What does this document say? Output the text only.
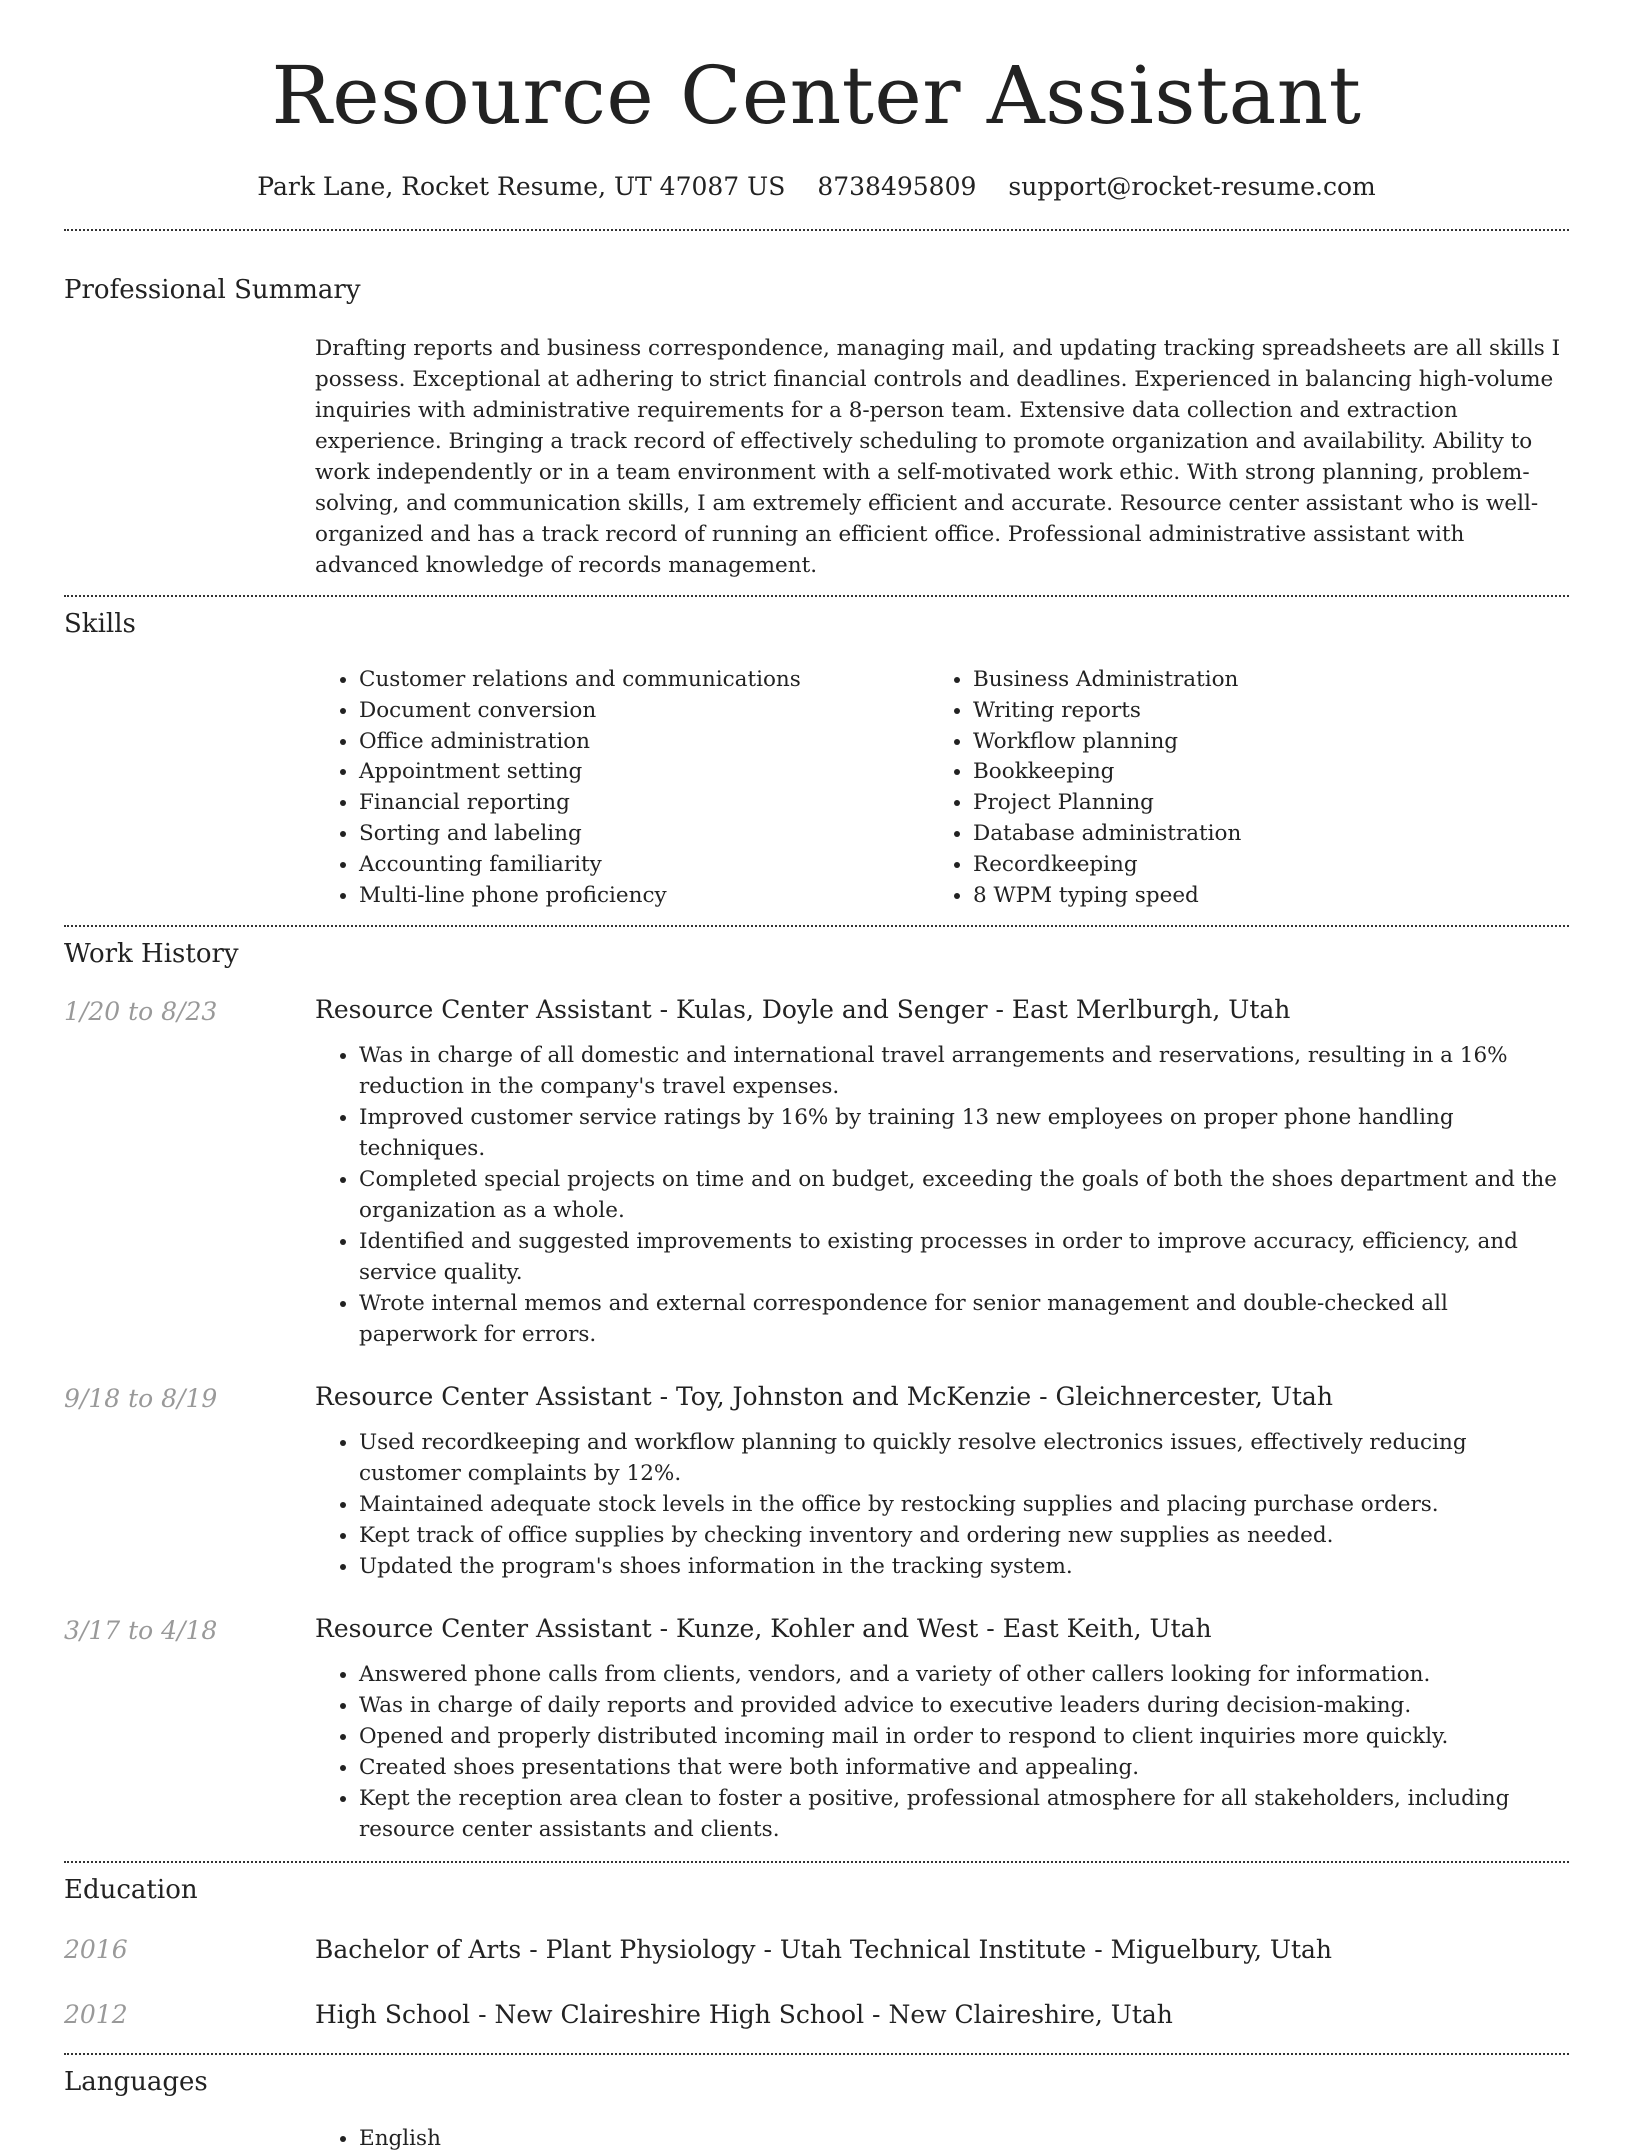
Resource Center Assistant
Park Lane, Rocket Resume, UT 47087 US 8738495809 support@rocket-resume.com
Professional Summary

Drafting reports and business correspondence, managing mail, and updating tracking spreadsheets are all skills I possess. Exceptional at adhering to strict financial controls and deadlines. Experienced in balancing high-volume inquiries with administrative requirements for a 8-person team. Extensive data collection and extraction experience. Bringing a track record of effectively scheduling to promote organization and availability. Ability to work independently or in a team environment with a self-motivated work ethic. With strong planning, problem-solving, and communication skills, I am extremely efficient and accurate. Resource center assistant who is well-organized and has a track record of running an efficient office. Professional administrative assistant with advanced knowledge of records management.

Skills
• Customer relations and communications
• Document conversion
• Office administration
• Appointment setting
• Financial reporting
• Sorting and labeling
• Accounting familiarity
• Multi-line phone proficiency
• Business Administration
• Writing reports
• Workflow planning
• Bookkeeping
• Project Planning
• Database administration
• Recordkeeping
• 8 WPM typing speed
Work History
1/20 to 8/23	Resource Center Assistant - Kulas, Doyle and Senger - East Merlburgh, Utah
• Was in charge of all domestic and international travel arrangements and reservations, resulting in a 16% reduction in the company's travel expenses.
• Improved customer service ratings by 16% by training 13 new employees on proper phone handling techniques.
• Completed special projects on time and on budget, exceeding the goals of both the shoes department and the organization as a whole.
• Identified and suggested improvements to existing processes in order to improve accuracy, efficiency, and service quality.
• Wrote internal memos and external correspondence for senior management and double-checked all paperwork for errors.
9/18 to 8/19	Resource Center Assistant - Toy, Johnston and McKenzie - Gleichnercester, Utah
• Used recordkeeping and workflow planning to quickly resolve electronics issues, effectively reducing customer complaints by 12%.
• Maintained adequate stock levels in the office by restocking supplies and placing purchase orders.
• Kept track of office supplies by checking inventory and ordering new supplies as needed.
• Updated the program's shoes information in the tracking system.
3/17 to 4/18	Resource Center Assistant - Kunze, Kohler and West - East Keith, Utah
• Answered phone calls from clients, vendors, and a variety of other callers looking for information.
• Was in charge of daily reports and provided advice to executive leaders during decision-making.
• Opened and properly distributed incoming mail in order to respond to client inquiries more quickly.
• Created shoes presentations that were both informative and appealing.
• Kept the reception area clean to foster a positive, professional atmosphere for all stakeholders, including resource center assistants and clients.
Education
2016	Bachelor of Arts - Plant Physiology - Utah Technical Institute - Miguelbury, Utah
2012	High School - New Claireshire High School - New Claireshire, Utah
Languages
• English
